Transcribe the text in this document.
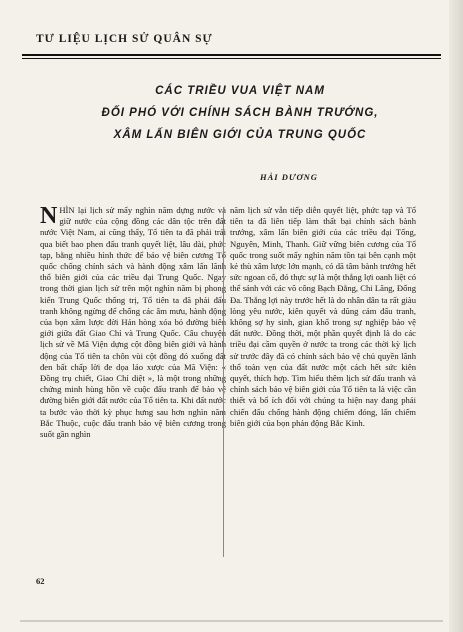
TƯ LIỆU LỊCH SỬ QUÂN SỰ
CÁC TRIỀU VUA VIỆT NAM
ĐỐI PHÓ VỚI CHÍNH SÁCH BÀNH TRƯỚNG,
XÂM LẤN BIÊN GIỚI CỦA TRUNG QUỐC
HẢI DƯƠNG

NHÌN lại lịch sử mấy nghìn năm dựng nước và giữ nước của cộng đồng các dân tộc trên đất nước Việt Nam, ai cũng thấy, Tổ tiên ta đã phải trải qua biết bao phen đấu tranh quyết liệt, lâu dài, phức tạp, bằng nhiều hình thức để bảo vệ biên cương Tổ quốc chống chính sách và hành động xâm lấn lãnh thổ biên giới của các triều đại Trung Quốc. Ngay trong thời gian lịch sử trên một nghìn năm bị phong kiến Trung Quốc thống trị, Tổ tiên ta đã phải đấu tranh không ngừng để chống các âm mưu, hành động của bọn xâm lược đời Hán hòng xóa bỏ đường biên giới giữa đất Giao Chỉ và Trung Quốc. Câu chuyện lịch sử về Mã Viện dựng cột đồng biên giới và hành động của Tổ tiên ta chôn vùi cột đồng đó xuống đất đen bất chấp lời đe dọa láo xược của Mã Viện: « Đồng trụ chiết, Giao Chỉ diệt », là một trong những chứng minh hùng hồn về cuộc đấu tranh để bảo vệ đường biên giới đất nước của Tổ tiên ta. Khi đất nước ta bước vào thời kỳ phục hưng sau hơn nghìn năm Bắc Thuộc, cuộc đấu tranh bảo vệ biên cương trong suốt gần nghìn

năm lịch sử vẫn tiếp diễn quyết liệt, phức tạp và Tổ tiên ta đã liên tiếp làm thất bại chính sách bành trướng, xâm lấn biên giới của các triều đại Tống, Nguyên, Minh, Thanh. Giữ vững biên cương của Tổ quốc trong suốt mấy nghìn năm tồn tại bên cạnh một kẻ thù xâm lược lớn mạnh, có dã tâm bành trướng hết sức ngoan cố, đó thực sự là một thắng lợi oanh liệt có thể sánh với các võ công Bạch Đằng, Chi Lăng, Đống Đa. Thắng lợi này trước hết là do nhân dân ta rất giàu lòng yêu nước, kiên quyết và dũng cảm đấu tranh, không sợ hy sinh, gian khổ trong sự nghiệp bảo vệ đất nước. Đồng thời, một phần quyết định là do các triều đại cầm quyền ở nước ta trong các thời kỳ lịch sử trước đây đã có chính sách bảo vệ chủ quyền lãnh thổ toàn vẹn của đất nước một cách hết sức kiên quyết, thích hợp. Tìm hiểu thêm lịch sử đấu tranh và chính sách bảo vệ biên giới của Tổ tiên ta là việc cần thiết và bổ ích đối với chúng ta hiện nay đang phải chiến đấu chống hành động chiếm đóng, lấn chiếm biên giới của bọn phản động Bắc Kinh.

62
